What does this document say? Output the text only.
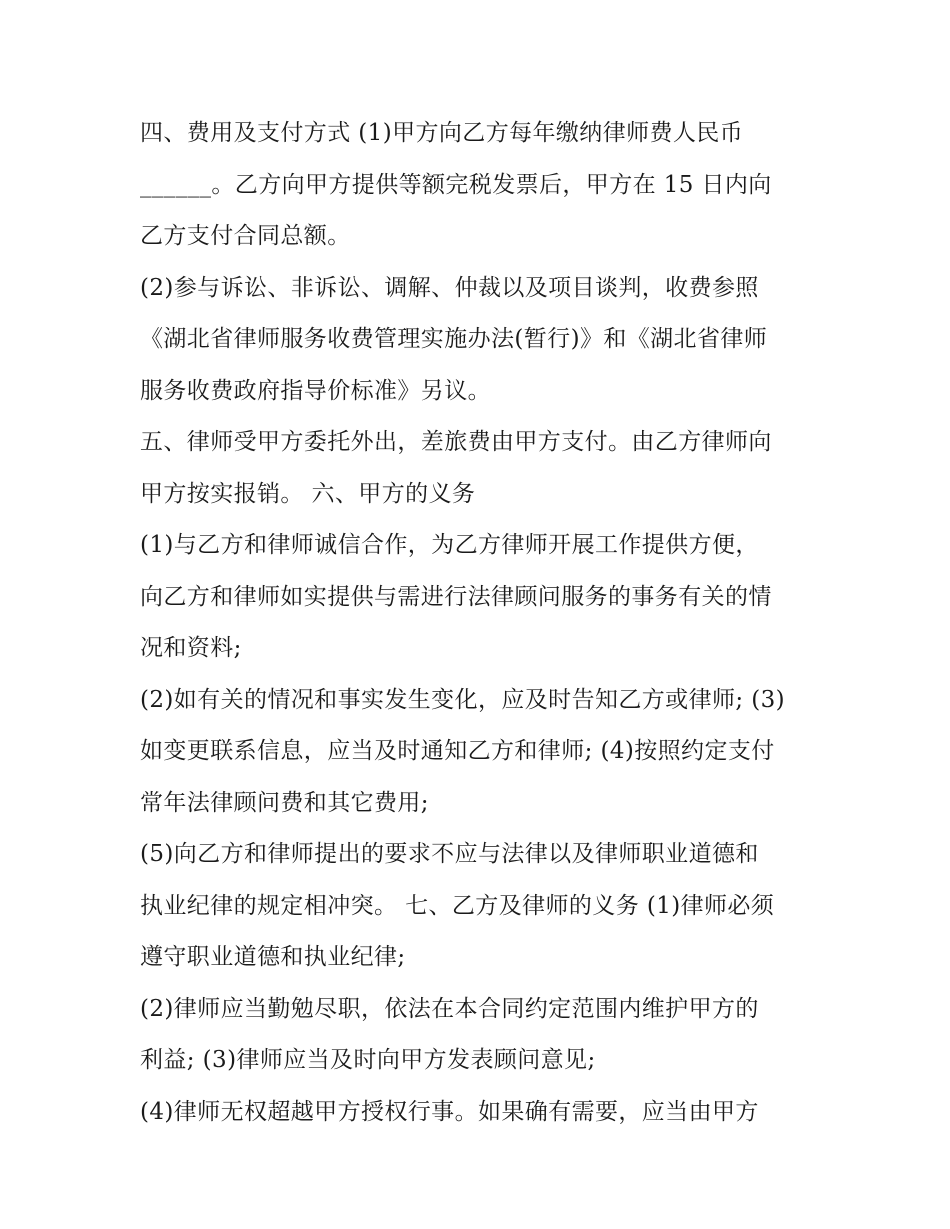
四、费用及支付方式 (1)甲方向乙方每年缴纳律师费人民币
______。乙方向甲方提供等额完税发票后，甲方在 15 日内向
乙方支付合同总额。
(2)参与诉讼、非诉讼、调解、仲裁以及项目谈判，收费参照
《湖北省律师服务收费管理实施办法(暂行)》和《湖北省律师
服务收费政府指导价标准》另议。
五、律师受甲方委托外出，差旅费由甲方支付。由乙方律师向
甲方按实报销。 六、甲方的义务
(1)与乙方和律师诚信合作，为乙方律师开展工作提供方便，
向乙方和律师如实提供与需进行法律顾问服务的事务有关的情
况和资料;
(2)如有关的情况和事实发生变化，应及时告知乙方或律师; (3)
如变更联系信息，应当及时通知乙方和律师; (4)按照约定支付
常年法律顾问费和其它费用;
(5)向乙方和律师提出的要求不应与法律以及律师职业道德和
执业纪律的规定相冲突。 七、乙方及律师的义务 (1)律师必须
遵守职业道德和执业纪律;
(2)律师应当勤勉尽职，依法在本合同约定范围内维护甲方的
利益; (3)律师应当及时向甲方发表顾问意见;
(4)律师无权超越甲方授权行事。如果确有需要，应当由甲方
